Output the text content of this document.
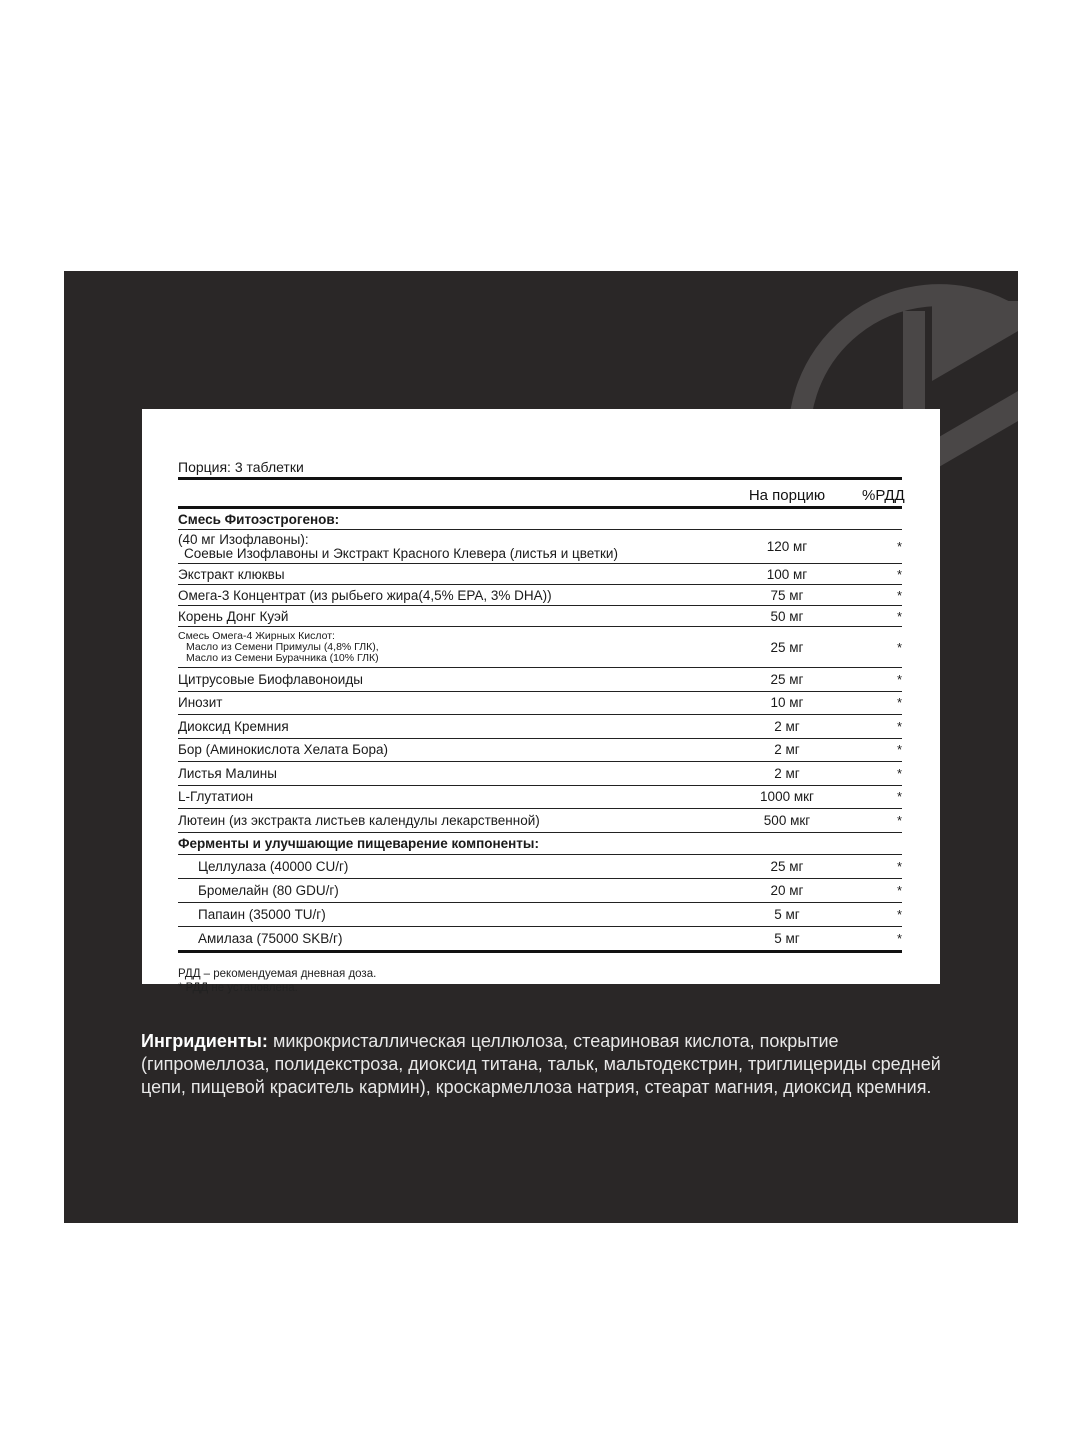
Порция: 3 таблетки
На порцию	%РДД
Смесь Фитоэстрогенов:
(40 мг Изофлавоны):
Соевые Изофлавоны и Экстракт Красного Клевера (листья и цветки)	120 мг	*
Экстракт клюквы	100 мг	*
Омега-3 Концентрат (из рыбьего жира(4,5% EPA, 3% DHA))	75 мг	*
Корень Донг Куэй	50 мг	*
Смесь Омега-4 Жирных Кислот:
Масло из Семени Примулы (4,8% ГЛК),
Масло из Семени Бурачника (10% ГЛК)
25 мг	*
Цитрусовые Биофлавоноиды	25 мг	*
Инозит	10 мг	*
Диоксид Кремния	2 мг	*
Бор (Аминокислота Хелата Бора)	2 мг	*
Листья Малины	2 мг	*
L-Глутатион	1000 мкг	*
Лютеин (из экстракта листьев календулы лекарственной)	500 мкг	*
Ферменты и улучшающие пищеварение компоненты:
Целлулаза (40000 CU/г)	25 мг	*
Бромелайн (80 GDU/г)	20 мг	*
Папаин (35000 TU/г)	5 мг	*
Амилаза (75000 SKB/г)	5 мг	*
РДД – рекомендуемая дневная доза.
* РДД не установлена.
Ингридиенты: микрокристаллическая целлюлоза, стеариновая кислота, покрытие (гипромеллоза, полидекстроза, диоксид титана, тальк, мальтодекстрин, триглицериды средней цепи, пищевой краситель кармин), кроскармеллоза натрия, стеарат магния, диоксид кремния.
